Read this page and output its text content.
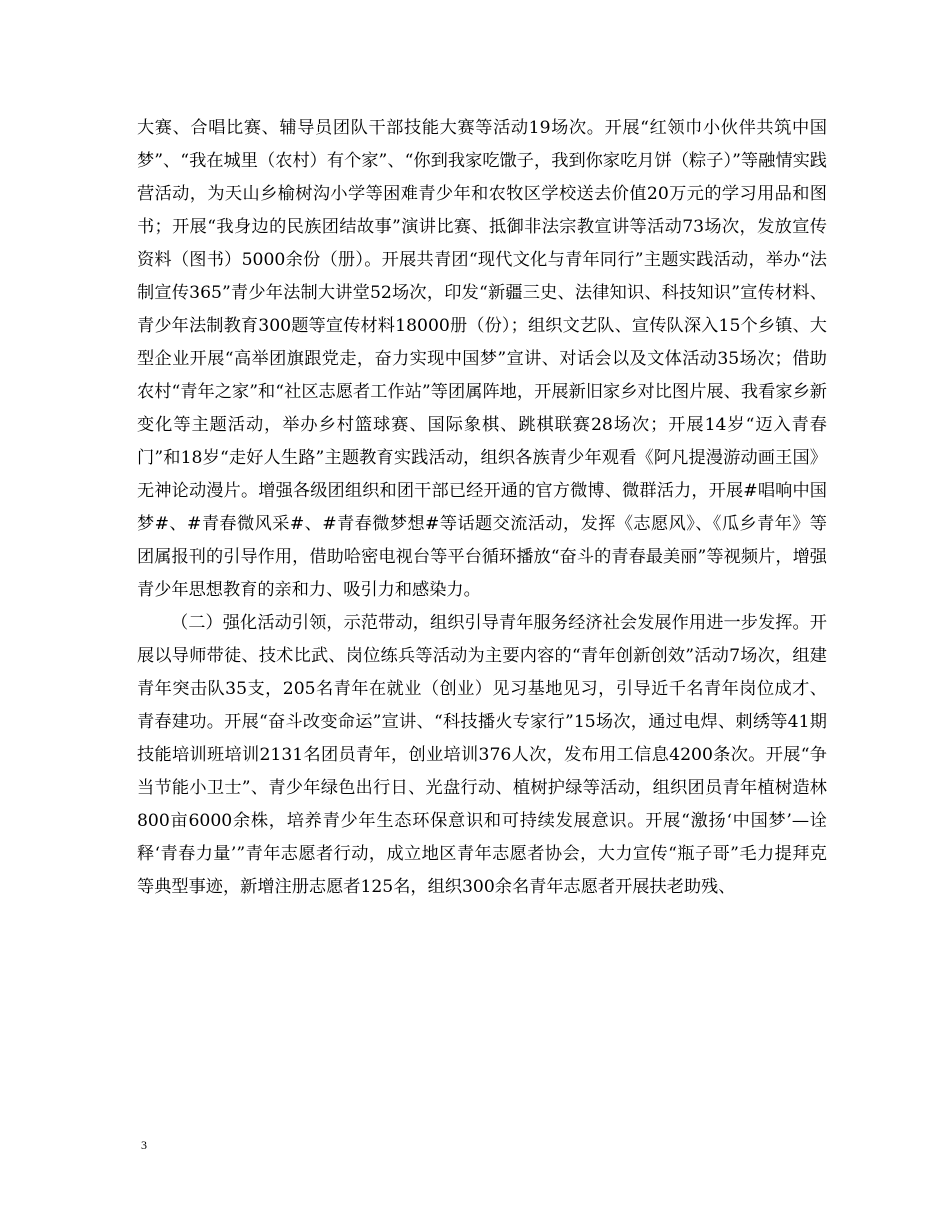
大赛、合唱比赛、辅导员团队干部技能大赛等活动19场次。开展“红领巾小伙伴共筑中国梦”、“我在城里（农村）有个家”、“你到我家吃馓子，我到你家吃月饼（粽子）”等融情实践营活动，为天山乡榆树沟小学等困难青少年和农牧区学校送去价值20万元的学习用品和图书；开展“我身边的民族团结故事”演讲比赛、抵御非法宗教宣讲等活动73场次，发放宣传资料（图书）5000余份（册）。开展共青团“现代文化与青年同行”主题实践活动，举办“法制宣传365”青少年法制大讲堂52场次，印发“新疆三史、法律知识、科技知识”宣传材料、青少年法制教育300题等宣传材料18000册（份）；组织文艺队、宣传队深入15个乡镇、大型企业开展“高举团旗跟党走，奋力实现中国梦”宣讲、对话会以及文体活动35场次；借助农村“青年之家”和“社区志愿者工作站”等团属阵地，开展新旧家乡对比图片展、我看家乡新变化等主题活动，举办乡村篮球赛、国际象棋、跳棋联赛28场次；开展14岁“迈入青春门”和18岁“走好人生路”主题教育实践活动，组织各族青少年观看《阿凡提漫游动画王国》无神论动漫片。增强各级团组织和团干部已经开通的官方微博、微群活力，开展#唱响中国梦#、#青春微风采#、#青春微梦想#等话题交流活动，发挥《志愿风》、《瓜乡青年》等团属报刊的引导作用，借助哈密电视台等平台循环播放“奋斗的青春最美丽”等视频片，增强青少年思想教育的亲和力、吸引力和感染力。

（二）强化活动引领，示范带动，组织引导青年服务经济社会发展作用进一步发挥。开展以导师带徒、技术比武、岗位练兵等活动为主要内容的“青年创新创效”活动7场次，组建青年突击队35支，205名青年在就业（创业）见习基地见习，引导近千名青年岗位成才、青春建功。开展“奋斗改变命运”宣讲、“科技播火专家行”15场次，通过电焊、刺绣等41期技能培训班培训2131名团员青年，创业培训376人次，发布用工信息4200条次。开展“争当节能小卫士”、青少年绿色出行日、光盘行动、植树护绿等活动，组织团员青年植树造林800亩6000余株，培养青少年生态环保意识和可持续发展意识。开展“激扬‘中国梦’—诠释‘青春力量’”青年志愿者行动，成立地区青年志愿者协会，大力宣传“瓶子哥”毛力提拜克等典型事迹，新增注册志愿者125名，组织300余名青年志愿者开展扶老助残、

3
